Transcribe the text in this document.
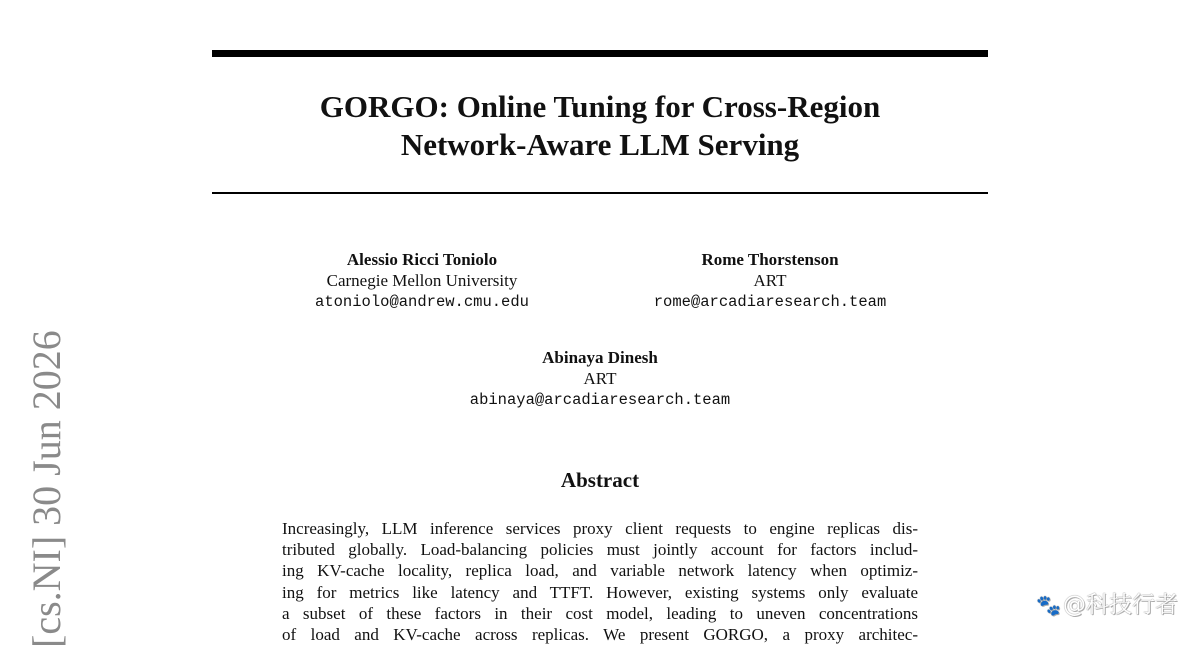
GORGO: Online Tuning for Cross-Region
Network-Aware LLM Serving
Alessio Ricci Toniolo
Carnegie Mellon University
atoniolo@andrew.cmu.edu
Rome Thorstenson
ART
rome@arcadiaresearch.team
Abinaya Dinesh
ART
abinaya@arcadiaresearch.team
Abstract
Increasingly, LLM inference services proxy client requests to engine replicas dis-
tributed globally. Load-balancing policies must jointly account for factors includ-
ing KV-cache locality, replica load, and variable network latency when optimiz-
ing for metrics like latency and TTFT. However, existing systems only evaluate
a subset of these factors in their cost model, leading to uneven concentrations
of load and KV-cache across replicas. We present GORGO, a proxy architec-
[cs.NI] 30 Jun 2026	🐾@科技行者
